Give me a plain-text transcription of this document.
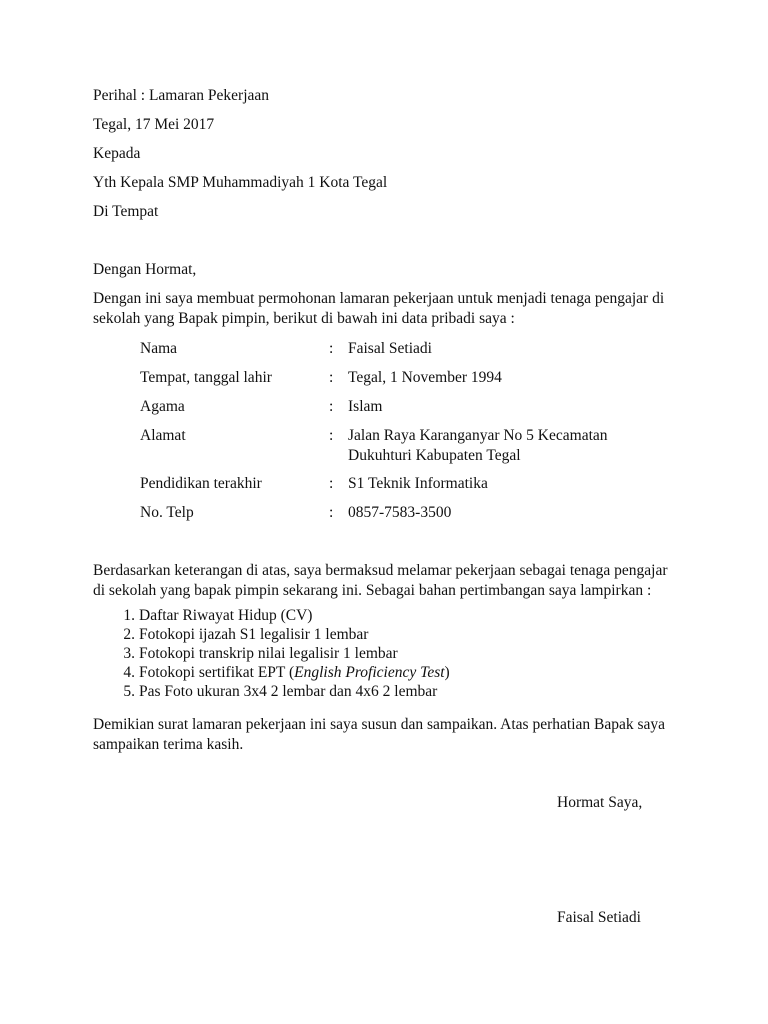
Perihal : Lamaran Pekerjaan
Tegal, 17 Mei 2017
Kepada
Yth Kepala SMP Muhammadiyah 1 Kota Tegal
Di Tempat
Dengan Hormat,
Dengan ini saya membuat permohonan lamaran pekerjaan untuk menjadi tenaga pengajar di
sekolah yang Bapak pimpin, berikut di bawah ini data pribadi saya :
Nama	: Faisal Setiadi
Tempat, tanggal lahir	: Tegal, 1 November 1994
Agama	: Islam
Alamat	: Jalan Raya Karanganyar No 5 Kecamatan
Dukuhturi Kabupaten Tegal
Pendidikan terakhir	: S1 Teknik Informatika
No. Telp	: 0857-7583-3500
Berdasarkan keterangan di atas, saya bermaksud melamar pekerjaan sebagai tenaga pengajar
di sekolah yang bapak pimpin sekarang ini. Sebagai bahan pertimbangan saya lampirkan :
1. Daftar Riwayat Hidup (CV)
2. Fotokopi ijazah S1 legalisir 1 lembar
3. Fotokopi transkrip nilai legalisir 1 lembar
4. Fotokopi sertifikat EPT (English Proficiency Test)
5. Pas Foto ukuran 3x4 2 lembar dan 4x6 2 lembar
Demikian surat lamaran pekerjaan ini saya susun dan sampaikan. Atas perhatian Bapak saya
sampaikan terima kasih.
Hormat Saya,
Faisal Setiadi
